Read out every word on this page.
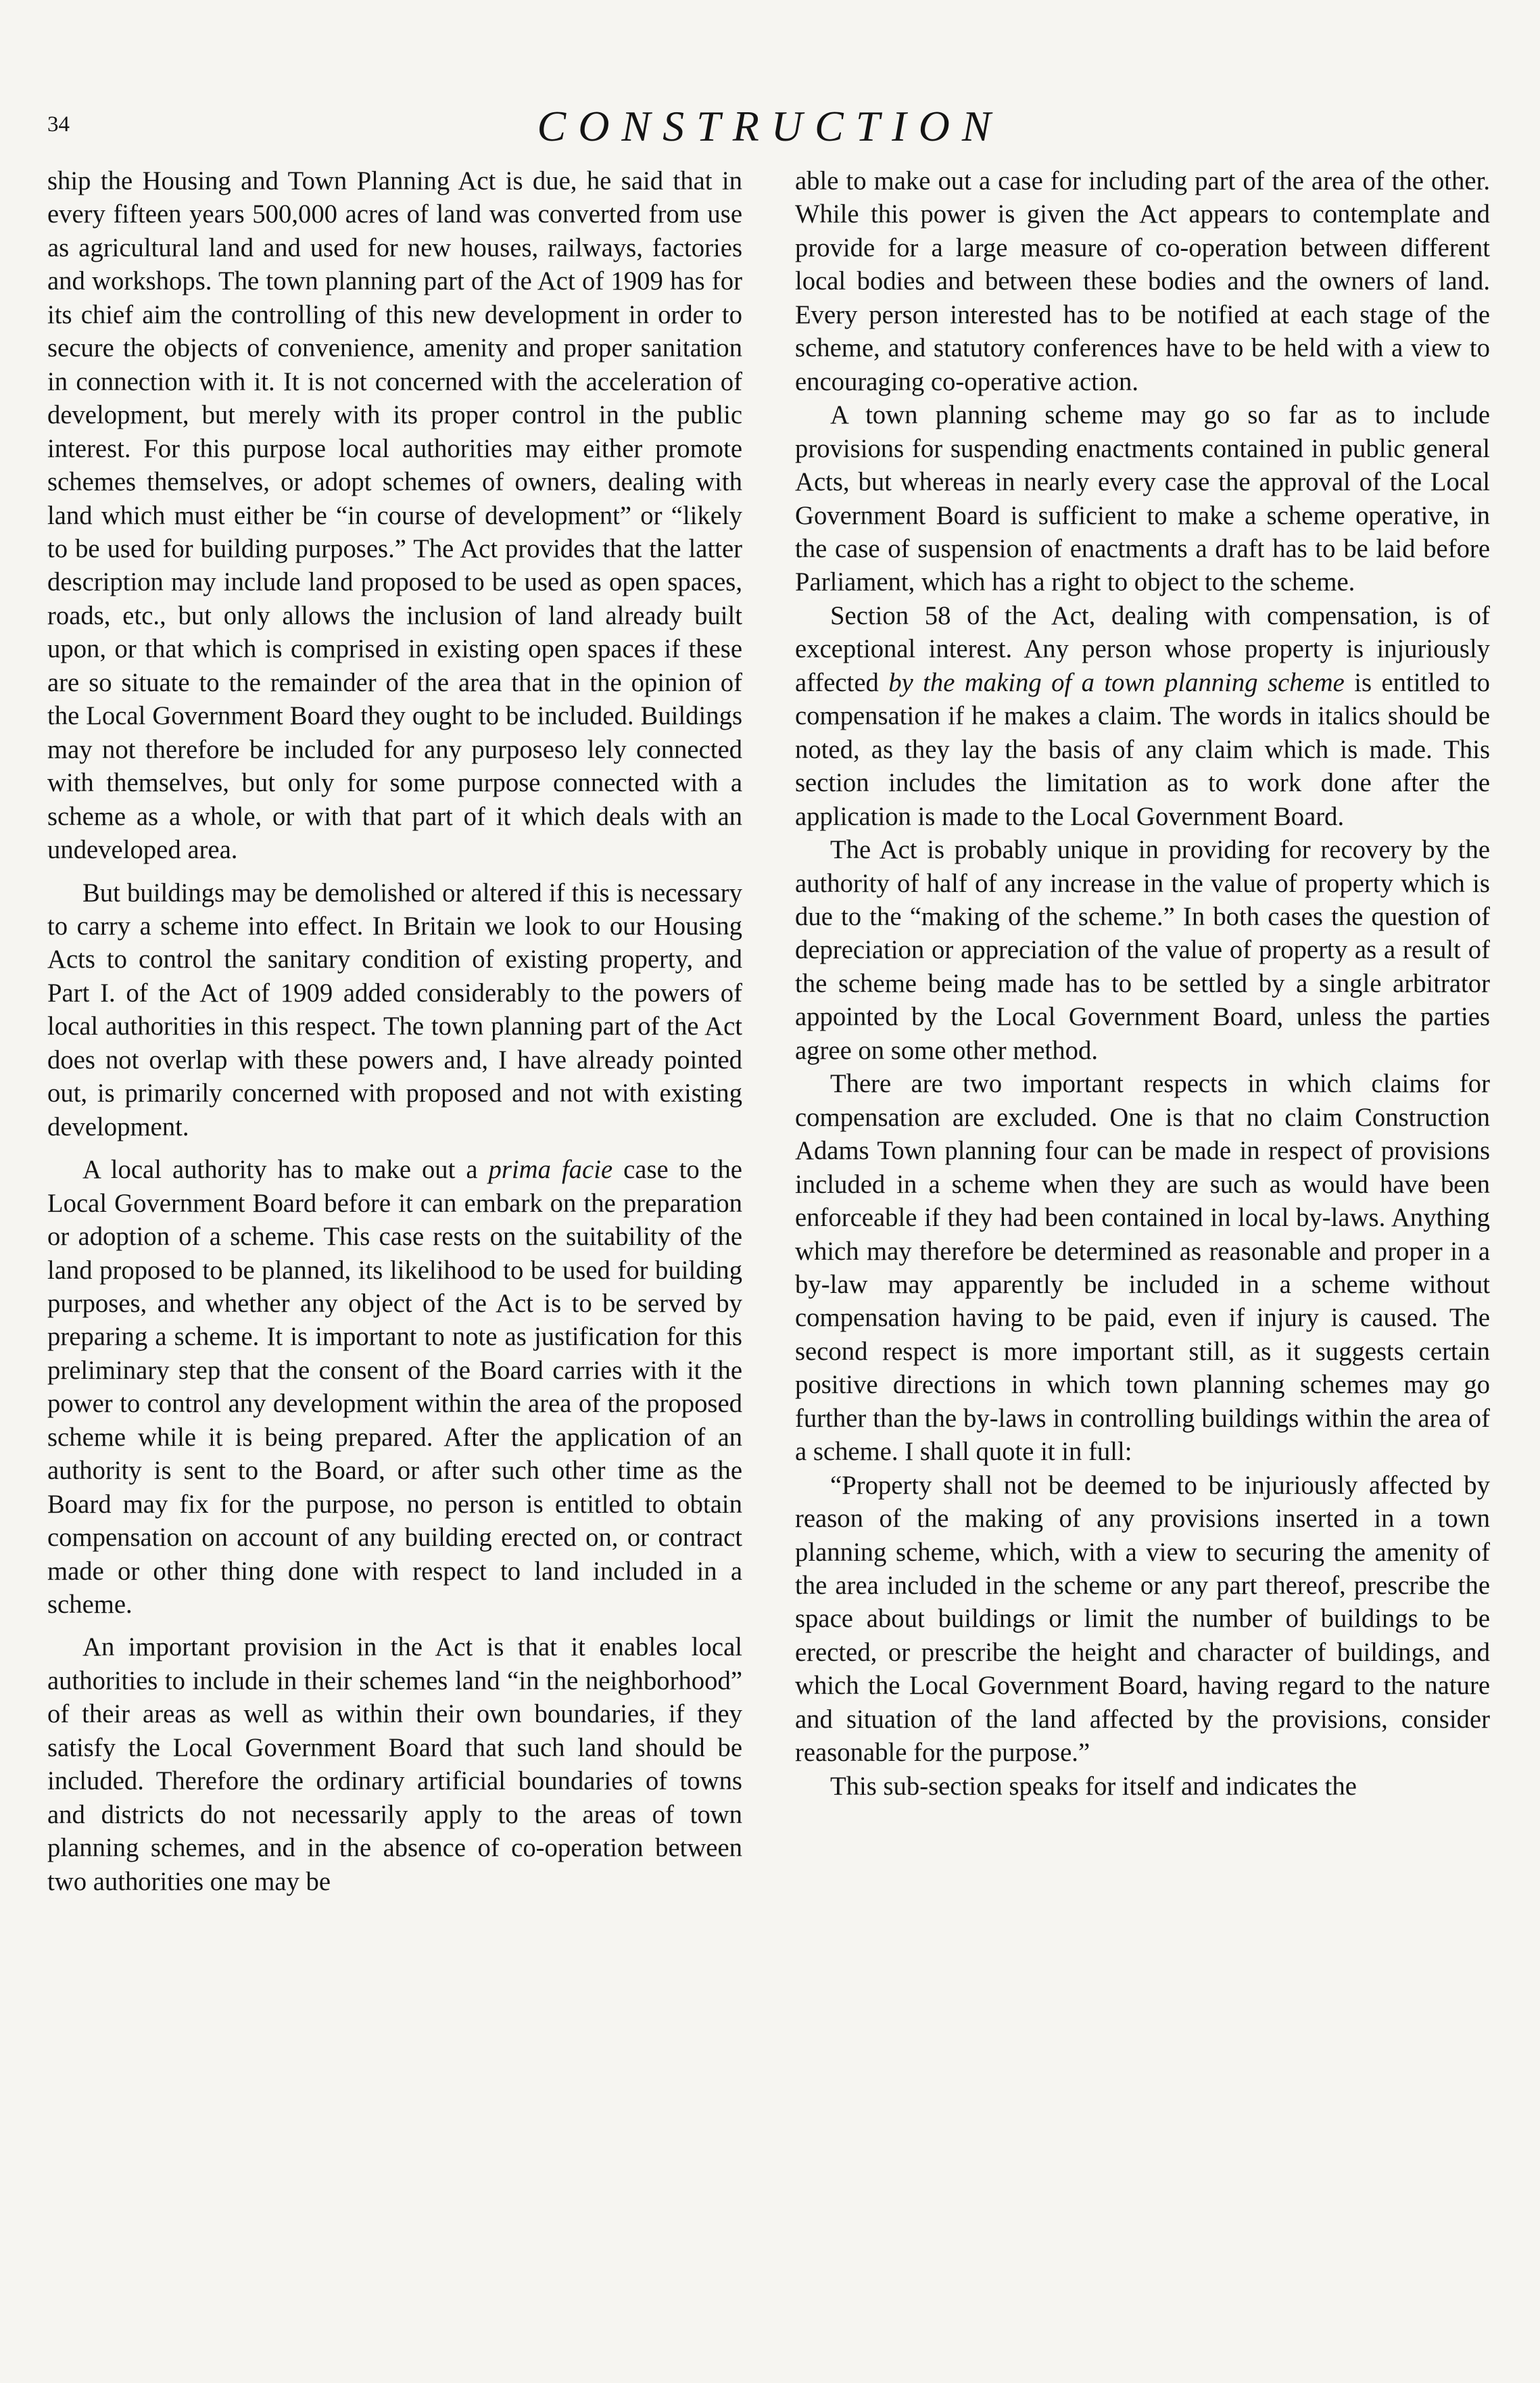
34	CONSTRUCTION

ship the Housing and Town Planning Act is due, he said that in every fifteen years 500,000 acres of land was converted from use as agricultural land and used for new houses, railways, factories and workshops. The town planning part of the Act of 1909 has for its chief aim the controlling of this new development in order to secure the objects of convenience, amenity and proper sanitation in connection with it. It is not concerned with the acceleration of development, but merely with its proper control in the public interest. For this purpose local authorities may either promote schemes themselves, or adopt schemes of owners, dealing with land which must either be “in course of development” or “likely to be used for building purposes.” The Act provides that the latter description may include land proposed to be used as open spaces, roads, etc., but only allows the inclusion of land already built upon, or that which is comprised in existing open spaces if these are so situate to the remainder of the area that in the opinion of the Local Government Board they ought to be included. Buildings may not therefore be included for any purposeso lely connected with themselves, but only for some purpose connected with a scheme as a whole, or with that part of it which deals with an undeveloped area.

But buildings may be demolished or altered if this is necessary to carry a scheme into effect. In Britain we look to our Housing Acts to control the sanitary condition of existing property, and Part I. of the Act of 1909 added considerably to the powers of local authorities in this respect. The town planning part of the Act does not overlap with these powers and, I have already pointed out, is primarily concerned with proposed and not with existing development.

A local authority has to make out a prima facie case to the Local Government Board before it can embark on the preparation or adoption of a scheme. This case rests on the suitability of the land proposed to be planned, its likelihood to be used for building purposes, and whether any object of the Act is to be served by preparing a scheme. It is important to note as justification for this preliminary step that the consent of the Board carries with it the power to control any development within the area of the proposed scheme while it is being prepared. After the application of an authority is sent to the Board, or after such other time as the Board may fix for the purpose, no person is entitled to obtain compensation on account of any building erected on, or contract made or other thing done with respect to land included in a scheme.

An important provision in the Act is that it enables local authorities to include in their schemes land “in the neighborhood” of their areas as well as within their own boundaries, if they satisfy the Local Government Board that such land should be included. Therefore the ordinary artificial boundaries of towns and districts do not necessarily apply to the areas of town planning schemes, and in the absence of co-operation between two authorities one may be

able to make out a case for including part of the area of the other. While this power is given the Act appears to contemplate and provide for a large measure of co-operation between different local bodies and between these bodies and the owners of land. Every person interested has to be notified at each stage of the scheme, and statutory conferences have to be held with a view to encouraging co-operative action.

A town planning scheme may go so far as to include provisions for suspending enactments contained in public general Acts, but whereas in nearly every case the approval of the Local Government Board is sufficient to make a scheme operative, in the case of suspension of enactments a draft has to be laid before Parliament, which has a right to object to the scheme.

Section 58 of the Act, dealing with compensation, is of exceptional interest. Any person whose property is injuriously affected by the making of a town planning scheme is entitled to compensation if he makes a claim. The words in italics should be noted, as they lay the basis of any claim which is made. This section includes the limitation as to work done after the application is made to the Local Government Board.

The Act is probably unique in providing for recovery by the authority of half of any increase in the value of property which is due to the “making of the scheme.” In both cases the question of depreciation or appreciation of the value of property as a result of the scheme being made has to be settled by a single arbitrator appointed by the Local Government Board, unless the parties agree on some other method.

There are two important respects in which claims for compensation are excluded. One is that no claim Construction Adams Town planning four can be made in respect of provisions included in a scheme when they are such as would have been enforceable if they had been contained in local by-laws. Anything which may therefore be determined as reasonable and proper in a by-law may apparently be included in a scheme without compensation having to be paid, even if injury is caused. The second respect is more important still, as it suggests certain positive directions in which town planning schemes may go further than the by-laws in controlling buildings within the area of a scheme. I shall quote it in full:

“Property shall not be deemed to be injuriously affected by reason of the making of any provisions inserted in a town planning scheme, which, with a view to securing the amenity of the area included in the scheme or any part thereof, prescribe the space about buildings or limit the number of buildings to be erected, or prescribe the height and character of buildings, and which the Local Government Board, having regard to the nature and situation of the land affected by the provisions, consider reasonable for the purpose.”

This sub-section speaks for itself and indicates the
